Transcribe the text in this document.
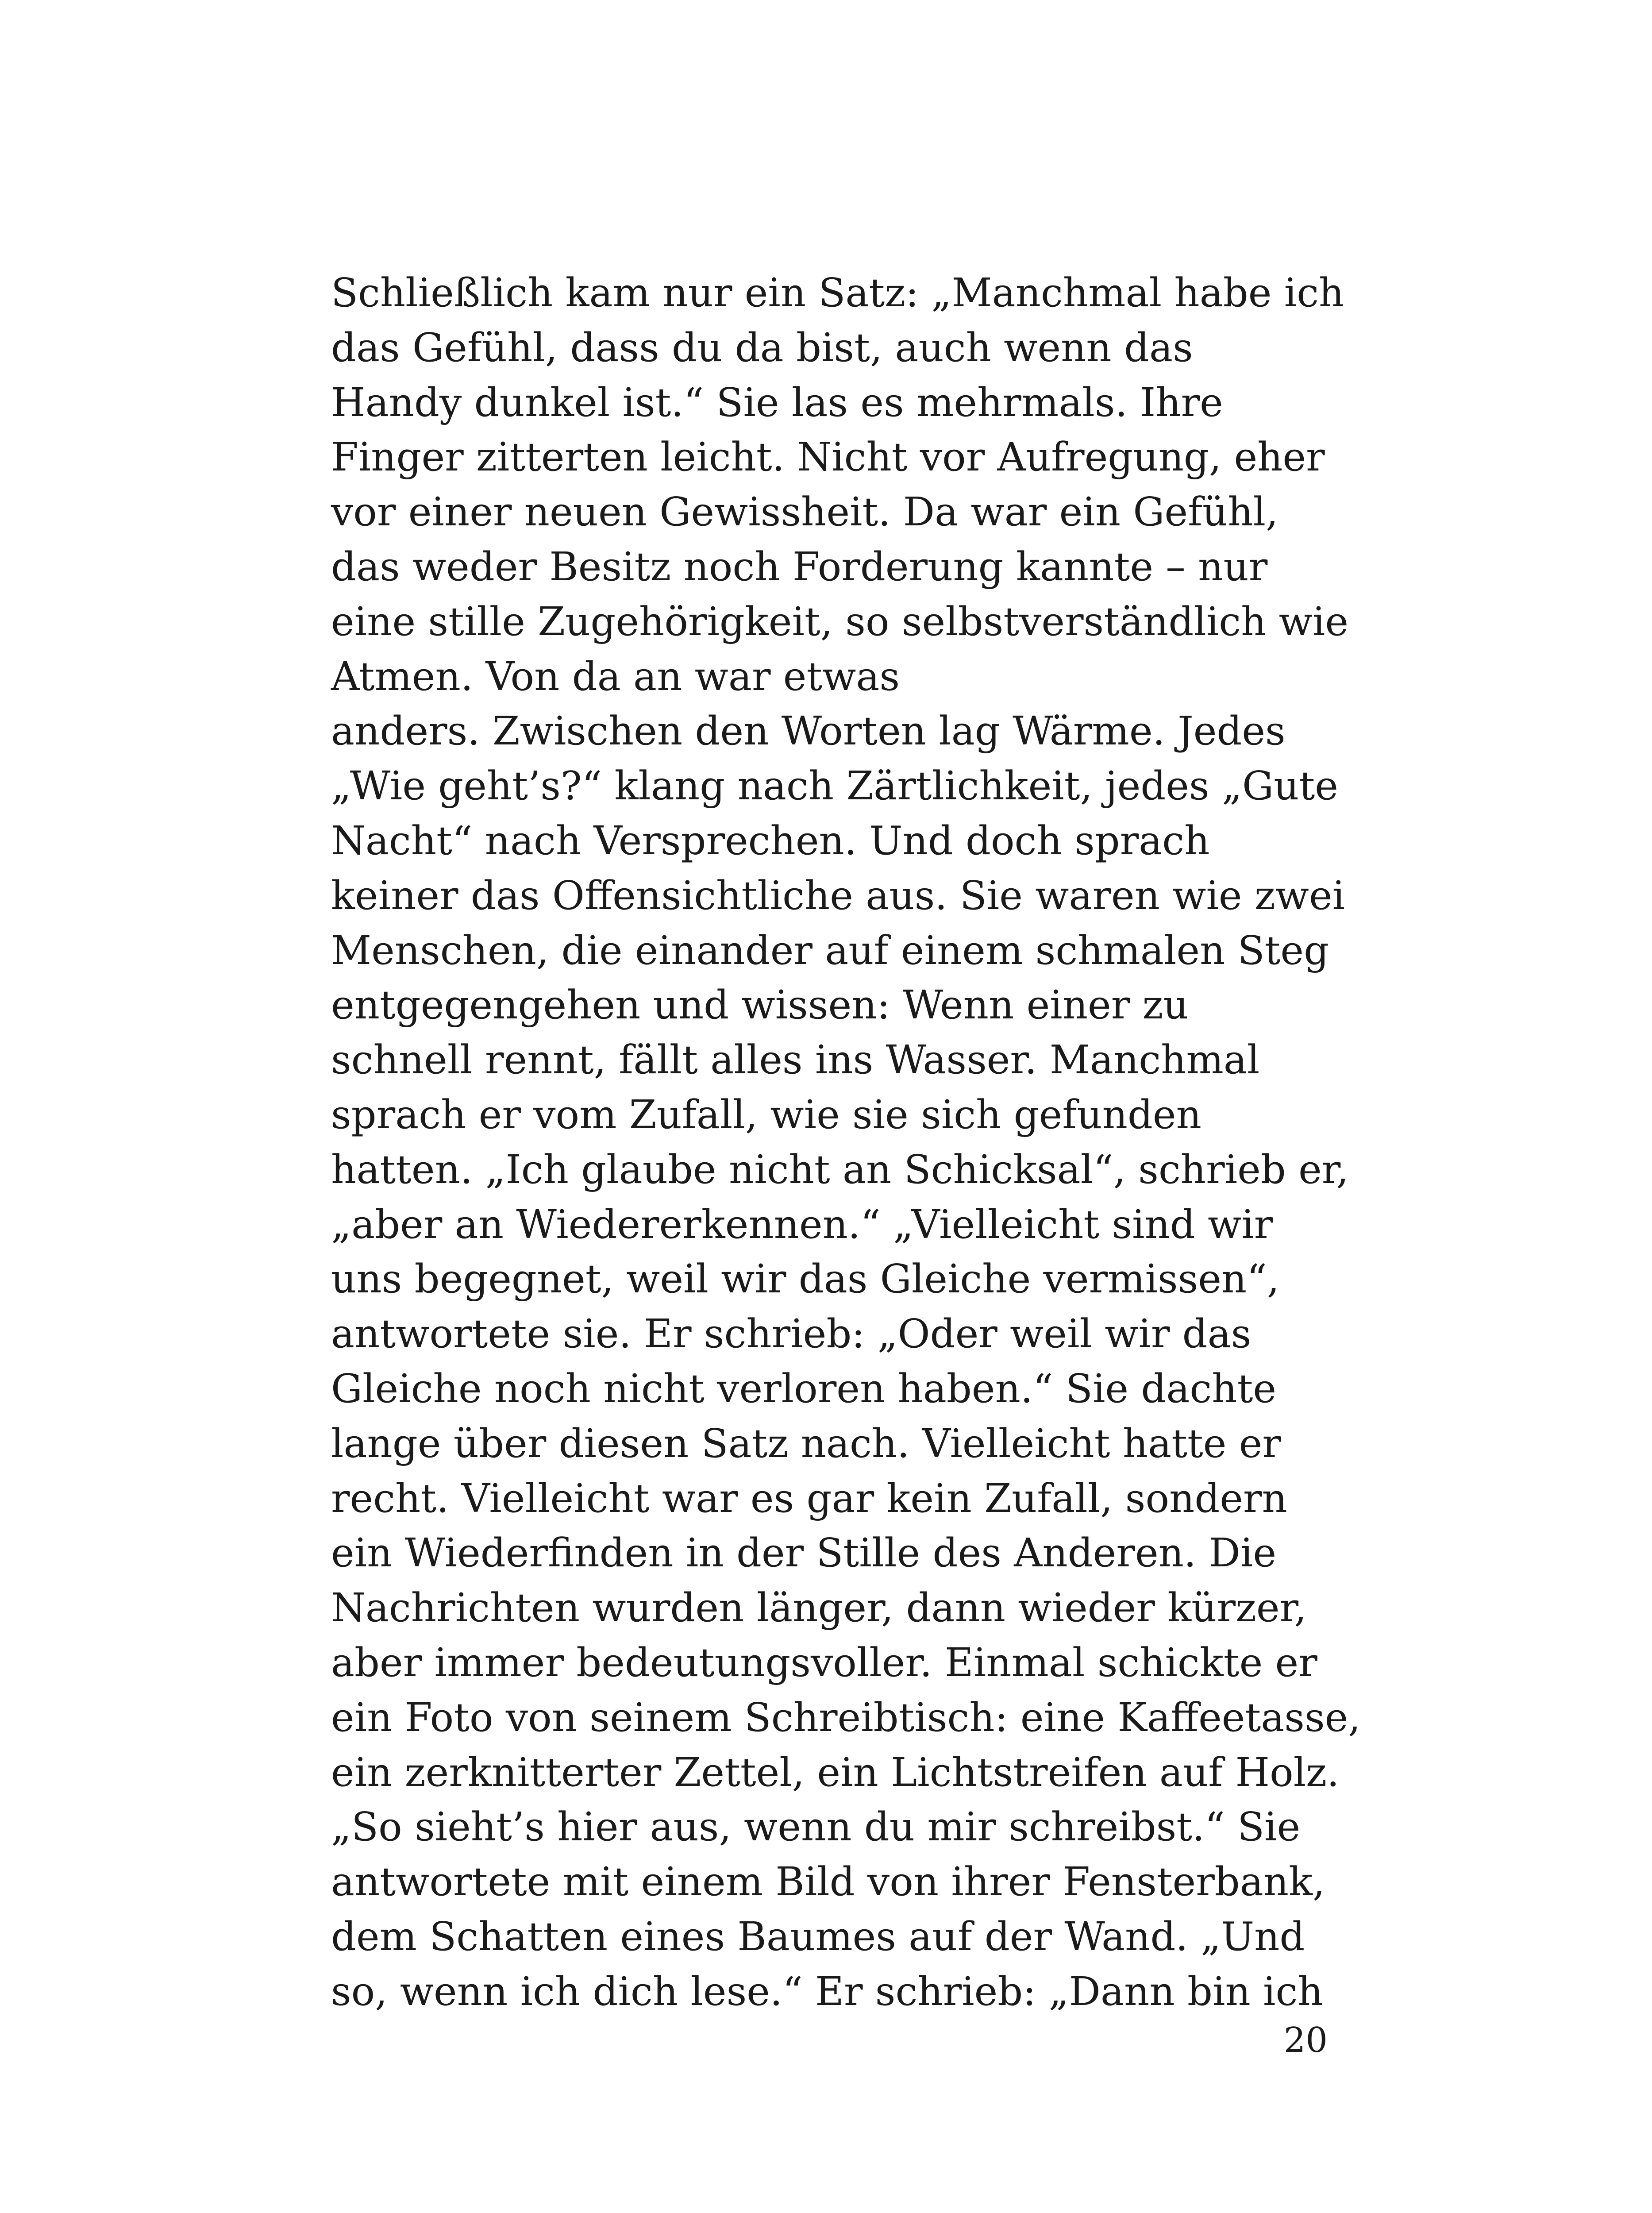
Schließlich kam nur ein Satz: „Manchmal habe ich
das Gefühl, dass du da bist, auch wenn das
Handy dunkel ist.“ Sie las es mehrmals. Ihre
Finger zitterten leicht. Nicht vor Aufregung, eher
vor einer neuen Gewissheit. Da war ein Gefühl,
das weder Besitz noch Forderung kannte – nur
eine stille Zugehörigkeit, so selbstverständlich wie
Atmen. Von da an war etwas
anders. Zwischen den Worten lag Wärme. Jedes
„Wie geht’s?“ klang nach Zärtlichkeit, jedes „Gute
Nacht“ nach Versprechen. Und doch sprach
keiner das Offensichtliche aus. Sie waren wie zwei
Menschen, die einander auf einem schmalen Steg
entgegengehen und wissen: Wenn einer zu
schnell rennt, fällt alles ins Wasser. Manchmal
sprach er vom Zufall, wie sie sich gefunden
hatten. „Ich glaube nicht an Schicksal“, schrieb er,
„aber an Wiedererkennen.“ „Vielleicht sind wir
uns begegnet, weil wir das Gleiche vermissen“,
antwortete sie. Er schrieb: „Oder weil wir das
Gleiche noch nicht verloren haben.“ Sie dachte
lange über diesen Satz nach. Vielleicht hatte er
recht. Vielleicht war es gar kein Zufall, sondern
ein Wiederfinden in der Stille des Anderen. Die
Nachrichten wurden länger, dann wieder kürzer,
aber immer bedeutungsvoller. Einmal schickte er
ein Foto von seinem Schreibtisch: eine Kaffeetasse,
ein zerknitterter Zettel, ein Lichtstreifen auf Holz.
„So sieht’s hier aus, wenn du mir schreibst.“ Sie
antwortete mit einem Bild von ihrer Fensterbank,
dem Schatten eines Baumes auf der Wand. „Und
so, wenn ich dich lese.“ Er schrieb: „Dann bin ich
20
